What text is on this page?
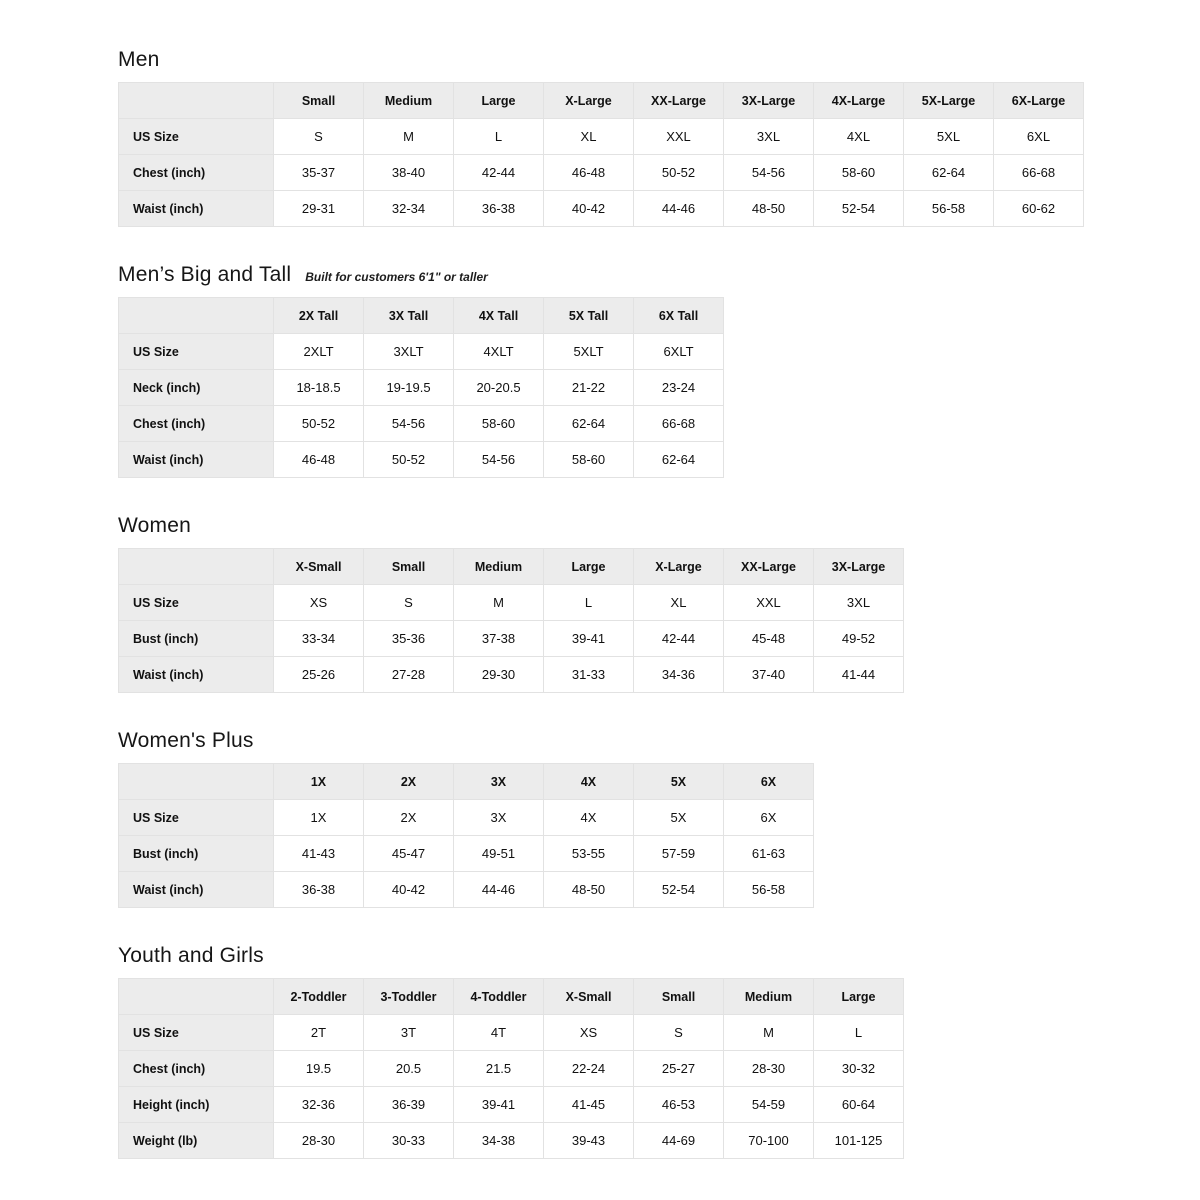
Men
	Small	Medium	Large	X-Large	XX-Large	3X-Large	4X-Large	5X-Large	6X-Large
US Size	S	M	L	XL	XXL	3XL	4XL	5XL	6XL
Chest (inch)	35-37	38-40	42-44	46-48	50-52	54-56	58-60	62-64	66-68
Waist (inch)	29-31	32-34	36-38	40-42	44-46	48-50	52-54	56-58	60-62
Men’s Big and Tall Built for customers 6'1" or taller
	2X Tall	3X Tall	4X Tall	5X Tall	6X Tall
US Size	2XLT	3XLT	4XLT	5XLT	6XLT
Neck (inch)	18-18.5	19-19.5	20-20.5	21-22	23-24
Chest (inch)	50-52	54-56	58-60	62-64	66-68
Waist (inch)	46-48	50-52	54-56	58-60	62-64
Women
	X-Small	Small	Medium	Large	X-Large	XX-Large	3X-Large
US Size	XS	S	M	L	XL	XXL	3XL
Bust (inch)	33-34	35-36	37-38	39-41	42-44	45-48	49-52
Waist (inch)	25-26	27-28	29-30	31-33	34-36	37-40	41-44
Women's Plus
	1X	2X	3X	4X	5X	6X
US Size	1X	2X	3X	4X	5X	6X
Bust (inch)	41-43	45-47	49-51	53-55	57-59	61-63
Waist (inch)	36-38	40-42	44-46	48-50	52-54	56-58
Youth and Girls
	2-Toddler	3-Toddler	4-Toddler	X-Small	Small	Medium	Large
US Size	2T	3T	4T	XS	S	M	L
Chest (inch)	19.5	20.5	21.5	22-24	25-27	28-30	30-32
Height (inch)	32-36	36-39	39-41	41-45	46-53	54-59	60-64
Weight (lb)	28-30	30-33	34-38	39-43	44-69	70-100	101-125
